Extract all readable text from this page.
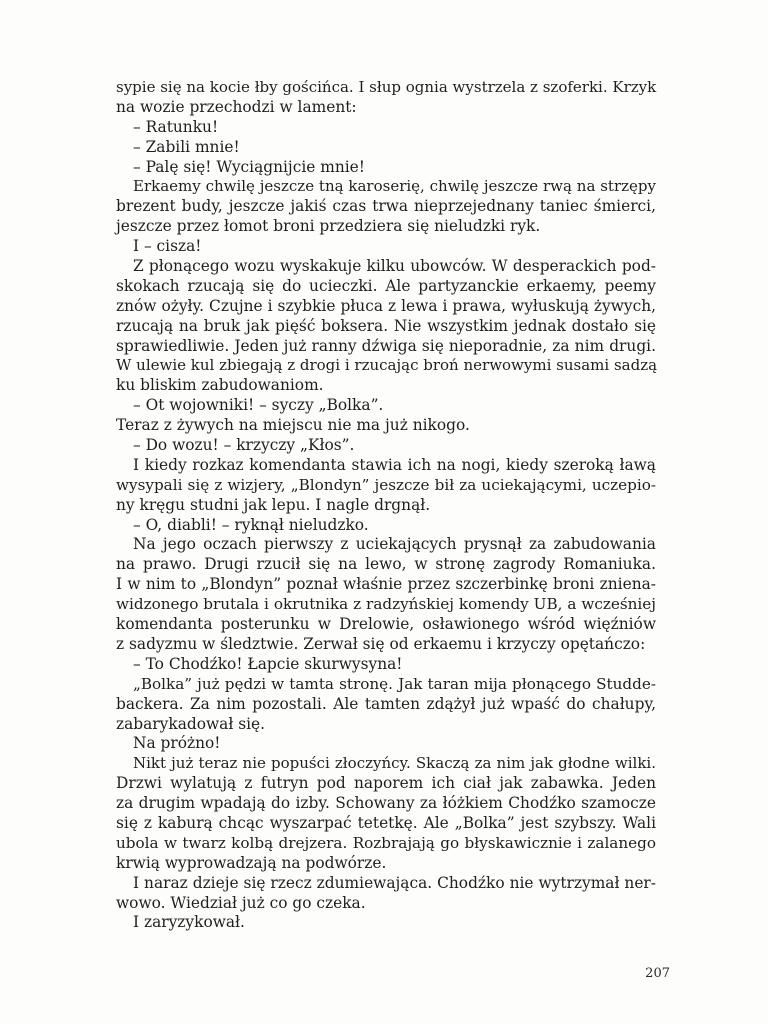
sypie się na kocie łby gościńca. I słup ognia wystrzela z szoferki. Krzyk
na wozie przechodzi w lament:
– Ratunku!
– Zabili mnie!
– Palę się! Wyciągnijcie mnie!
Erkaemy chwilę jeszcze tną karoserię, chwilę jeszcze rwą na strzępy
brezent budy, jeszcze jakiś czas trwa nieprzejednany taniec śmierci,
jeszcze przez łomot broni przedziera się nieludzki ryk.
I – cisza!
Z płonącego wozu wyskakuje kilku ubowców. W desperackich pod-
skokach rzucają się do ucieczki. Ale partyzanckie erkaemy, peemy
znów ożyły. Czujne i szybkie płuca z lewa i prawa, wyłuskują żywych,
rzucają na bruk jak pięść boksera. Nie wszystkim jednak dostało się
sprawiedliwie. Jeden już ranny dźwiga się nieporadnie, za nim drugi.
W ulewie kul zbiegają z drogi i rzucając broń nerwowymi susami sadzą
ku bliskim zabudowaniom.
– Ot wojowniki! – syczy „Bolka”.
Teraz z żywych na miejscu nie ma już nikogo.
– Do wozu! – krzyczy „Kłos”.
I kiedy rozkaz komendanta stawia ich na nogi, kiedy szeroką ławą
wysypali się z wizjery, „Blondyn” jeszcze bił za uciekającymi, uczepio-
ny kręgu studni jak lepu. I nagle drgnął.
– O, diabli! – ryknął nieludzko.
Na jego oczach pierwszy z uciekających prysnął za zabudowania
na prawo. Drugi rzucił się na lewo, w stronę zagrody Romaniuka.
I w nim to „Blondyn” poznał właśnie przez szczerbinkę broni zniena-
widzonego brutala i okrutnika z radzyńskiej komendy UB, a wcześniej
komendanta posterunku w Drelowie, osławionego wśród więźniów
z sadyzmu w śledztwie. Zerwał się od erkaemu i krzyczy opętańczo:
– To Chodźko! Łapcie skurwysyna!
„Bolka” już pędzi w tamta stronę. Jak taran mija płonącego Studde-
backera. Za nim pozostali. Ale tamten zdążył już wpaść do chałupy,
zabarykadował się.
Na próżno!
Nikt już teraz nie popuści złoczyńcy. Skaczą za nim jak głodne wilki.
Drzwi wylatują z futryn pod naporem ich ciał jak zabawka. Jeden
za drugim wpadają do izby. Schowany za łóżkiem Chodźko szamocze
się z kaburą chcąc wyszarpać tetetkę. Ale „Bolka” jest szybszy. Wali
ubola w twarz kolbą drejzera. Rozbrajają go błyskawicznie i zalanego
krwią wyprowadzają na podwórze.
I naraz dzieje się rzecz zdumiewająca. Chodźko nie wytrzymał ner-
wowo. Wiedział już co go czeka.
I zaryzykował.
207
